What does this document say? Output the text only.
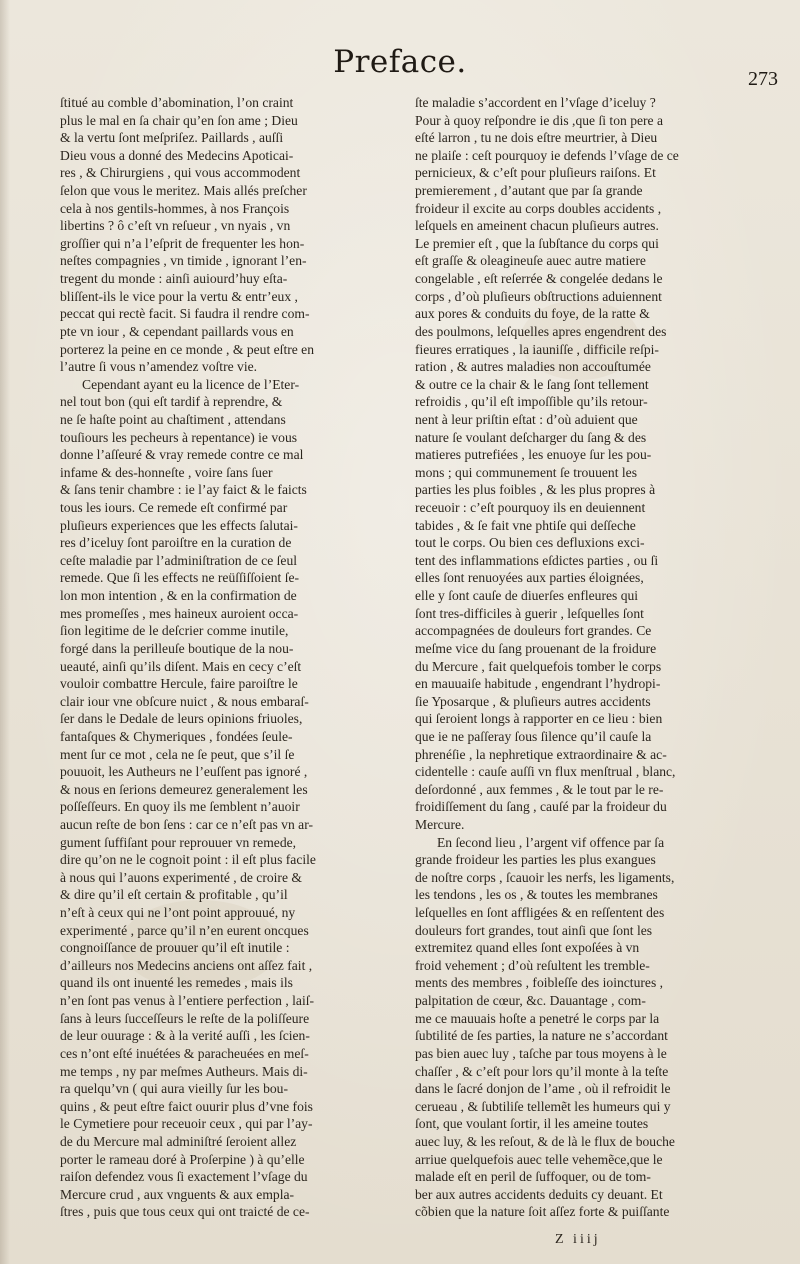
Preface.	273
ſtitué au comble d’abomination, l’on craint
plus le mal en ſa chair qu’en ſon ame ; Dieu
& la vertu ſont meſpriſez. Paillards , auſſi
Dieu vous a donné des Medecins Apoticai-
res , & Chirurgiens , qui vous accommodent
ſelon que vous le meritez. Mais allés preſcher
cela à nos gentils-hommes, à nos François
libertins ? ô c’eſt vn reſueur , vn nyais , vn
groſſier qui n’a l’eſprit de frequenter les hon-
neſtes compagnies , vn timide , ignorant l’en-
tregent du monde : ainſi auiourd’huy eſta-
bliſſent-ils le vice pour la vertu & entr’eux ,
peccat qui rectè facit. Si faudra il rendre com-
pte vn iour , & cependant paillards vous en
porterez la peine en ce monde , & peut eſtre en
l’autre ſi vous n’amendez voſtre vie.
Cependant ayant eu la licence de l’Eter-
nel tout bon (qui eſt tardif à reprendre, &
ne ſe haſte point au chaſtiment , attendans
touſiours les pecheurs à repentance) ie vous
donne l’aſſeuré & vray remede contre ce mal
infame & des-honneſte , voire ſans ſuer
& ſans tenir chambre : ie l’ay faict & le faicts
tous les iours. Ce remede eſt confirmé par
pluſieurs experiences que les effects ſalutai-
res d’iceluy ſont paroiſtre en la curation de
ceſte maladie par l’adminiſtration de ce ſeul
remede. Que ſi les effects ne reüſſiſſoient ſe-
lon mon intention , & en la confirmation de
mes promeſſes , mes haineux auroient occa-
ſion legitime de le deſcrier comme inutile,
forgé dans la perilleuſe boutique de la nou-
ueauté, ainſi qu’ils diſent. Mais en cecy c’eſt
vouloir combattre Hercule, faire paroiſtre le
clair iour vne obſcure nuict , & nous embaraſ-
ſer dans le Dedale de leurs opinions friuoles,
fantaſques & Chymeriques , fondées ſeule-
ment ſur ce mot , cela ne ſe peut, que s’il ſe
pouuoit, les Autheurs ne l’euſſent pas ignoré ,
& nous en ſerions demeurez generalement les
poſſeſſeurs. En quoy ils me ſemblent n’auoir
aucun reſte de bon ſens : car ce n’eſt pas vn ar-
gument ſuffiſant pour reprouuer vn remede,
dire qu’on ne le cognoit point : il eſt plus facile
à nous qui l’auons experimenté , de croire &
& dire qu’il eſt certain & profitable , qu’il
n’eſt à ceux qui ne l’ont point approuué, ny
experimenté , parce qu’il n’en eurent oncques
congnoiſſance de prouuer qu’il eſt inutile :
d’ailleurs nos Medecins anciens ont aſſez fait ,
quand ils ont inuenté les remedes , mais ils
n’en ſont pas venus à l’entiere perfection , laiſ-
ſans à leurs ſucceſſeurs le reſte de la poliſſeure
de leur ouurage : & à la verité auſſi , les ſcien-
ces n’ont eſté inuétées & paracheuées en meſ-
me temps , ny par meſmes Autheurs. Mais di-
ra quelqu’vn ( qui aura vieilly ſur les bou-
quins , & peut eſtre faict ouurir plus d’vne fois
le Cymetiere pour receuoir ceux , qui par l’ay-
de du Mercure mal adminiſtré ſeroient allez
porter le rameau doré à Proſerpine ) à qu’elle
raiſon defendez vous ſi exactement l’vſage du
Mercure crud , aux vnguents & aux empla-
ſtres , puis que tous ceux qui ont traicté de ce-
ſte maladie s’accordent en l’vſage d’iceluy ?
Pour à quoy reſpondre ie dis ,que ſi ton pere a
eſté larron , tu ne dois eſtre meurtrier, à Dieu
ne plaiſe : ceſt pourquoy ie defends l’vſage de ce
pernicieux, & c’eſt pour pluſieurs raiſons. Et
premierement , d’autant que par ſa grande
froideur il excite au corps doubles accidents ,
leſquels en ameinent chacun pluſieurs autres.
Le premier eſt , que la ſubſtance du corps qui
eſt graſſe & oleagineuſe auec autre matiere
congelable , eſt reſerrée & congelée dedans le
corps , d’où pluſieurs obſtructions aduiennent
aux pores & conduits du foye, de la ratte &
des poulmons, leſquelles apres engendrent des
fieures erratiques , la iauniſſe , difficile reſpi-
ration , & autres maladies non accouſtumée
& outre ce la chair & le ſang ſont tellement
refroidis , qu’il eſt impoſſible qu’ils retour-
nent à leur priſtin eſtat : d’où aduient que
nature ſe voulant deſcharger du ſang & des
matieres putrefiées , les enuoye ſur les pou-
mons ; qui communement ſe trouuent les
parties les plus foibles , & les plus propres à
receuoir : c’eſt pourquoy ils en deuiennent
tabides , & ſe fait vne phtiſe qui deſſeche
tout le corps. Ou bien ces defluxions exci-
tent des inflammations eſdictes parties , ou ſi
elles ſont renuoyées aux parties éloignées,
elle y ſont cauſe de diuerſes enfleures qui
ſont tres-difficiles à guerir , leſquelles ſont
accompagnées de douleurs fort grandes. Ce
meſme vice du ſang prouenant de la froidure
du Mercure , fait quelquefois tomber le corps
en mauuaiſe habitude , engendrant l’hydropi-
ſie Yposarque , & pluſieurs autres accidents
qui ſeroient longs à rapporter en ce lieu : bien
que ie ne paſſeray ſous ſilence qu’il cauſe la
phrenéſie , la nephretique extraordinaire & ac-
cidentelle : cauſe auſſi vn flux menſtrual , blanc,
deſordonné , aux femmes , & le tout par le re-
froidiſſement du ſang , cauſé par la froideur du
Mercure.
En ſecond lieu , l’argent vif offence par ſa
grande froideur les parties les plus exangues
de noſtre corps , ſcauoir les nerfs, les ligaments,
les tendons , les os , & toutes les membranes
leſquelles en ſont affligées & en reſſentent des
douleurs fort grandes, tout ainſi que ſont les
extremitez quand elles ſont expoſées à vn
froid vehement ; d’où reſultent les tremble-
ments des membres , foibleſſe des ioinctures ,
palpitation de cœur, &c. Dauantage , com-
me ce mauuais hoſte a penetré le corps par la
ſubtilité de ſes parties, la nature ne s’accordant
pas bien auec luy , taſche par tous moyens à le
chaſſer , & c’eſt pour lors qu’il monte à la teſte
dans le ſacré donjon de l’ame , où il refroidit le
cerueau , & ſubtiliſe tellemẽt les humeurs qui y
ſont, que voulant ſortir, il les ameine toutes
auec luy, & les reſout, & de là le flux de bouche
arriue quelquefois auec telle vehemẽce,que le
malade eſt en peril de ſuffoquer, ou de tom-
ber aux autres accidents deduits cy deuant. Et
cõbien que la nature ſoit aſſez forte & puiſſante
Z iiij
